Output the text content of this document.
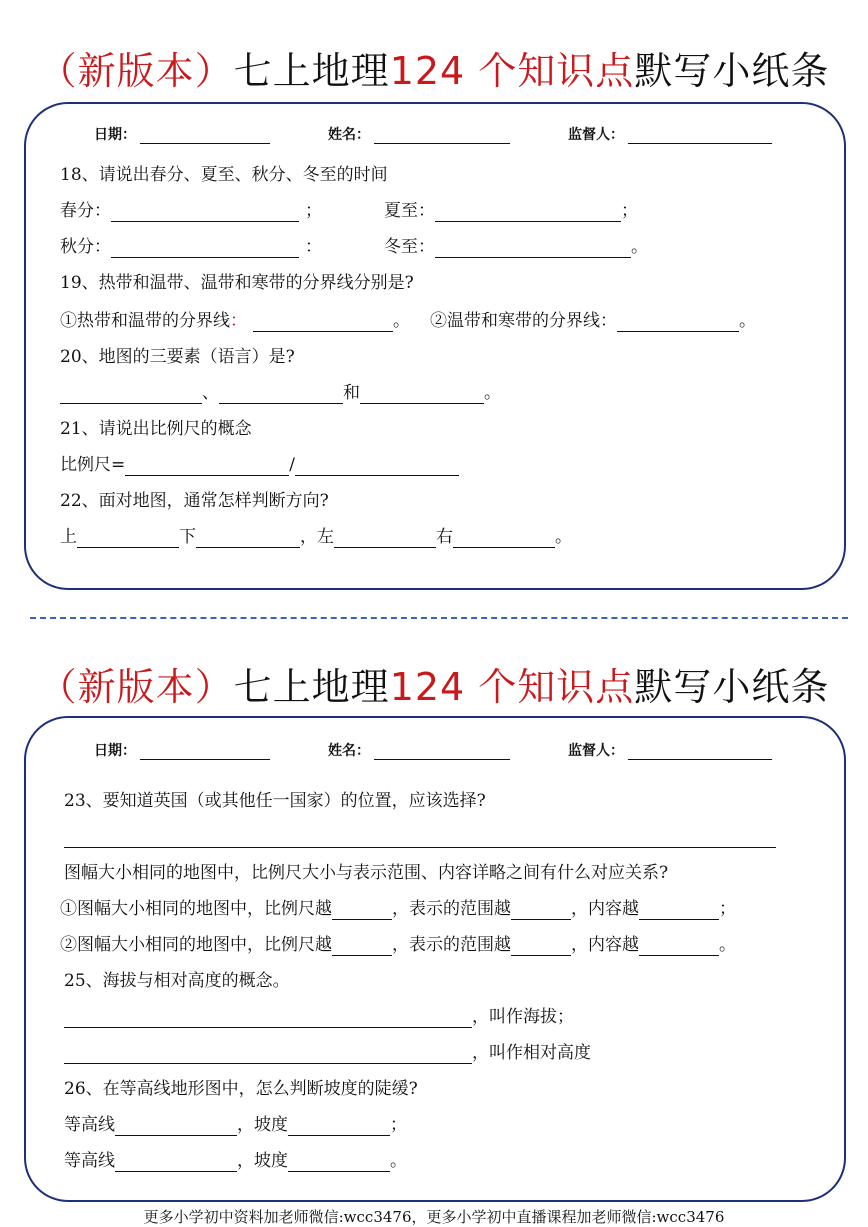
（新版本）七上地理124 个知识点默写小纸条
日期：	姓名：	监督人：
18、请说出春分、夏至、秋分、冬至的时间
春分：	；	夏至：	；
秋分：	：	冬至：	。
19、热带和温带、温带和寒带的分界线分别是?
①热带和温带的分界线：	。 ②温带和寒带的分界线：	。
20、地图的三要素（语言）是?
、	和	。
21、请说出比例尺的概念
比例尺=	/
22、面对地图，通常怎样判断方向?
上	下	，左	右	。
（新版本）七上地理124 个知识点默写小纸条
日期：	姓名：	监督人：
23、要知道英国（或其他任一国家）的位置，应该选择?
图幅大小相同的地图中，比例尺大小与表示范围、内容详略之间有什么对应关系?
①图幅大小相同的地图中，比例尺越	，表示的范围越	，内容越	；
②图幅大小相同的地图中，比例尺越	，表示的范围越	，内容越	。
25、海拔与相对高度的概念。
，叫作海拔；
，叫作相对高度
26、在等高线地形图中，怎么判断坡度的陡缓?
等高线	，坡度	；
等高线	，坡度	。
更多小学初中资料加老师微信:wcc3476，更多小学初中直播课程加老师微信:wcc3476
